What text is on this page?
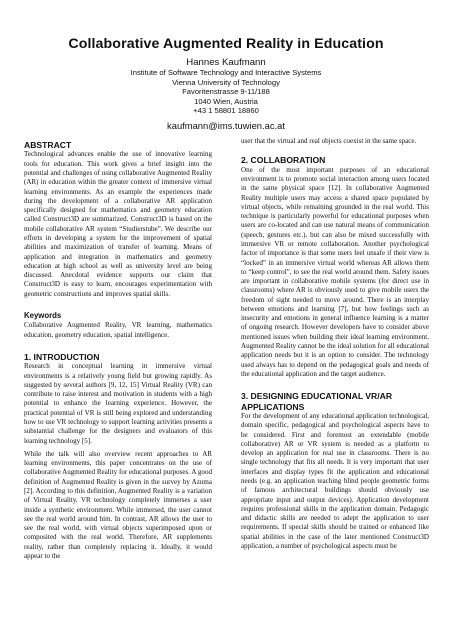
Collaborative Augmented Reality in Education
Hannes Kaufmann
Institute of Software Technology and Interactive Systems
Vienna University of Technology
Favoritenstrasse 9-11/188
1040 Wien, Austria
+43 1 58801 18860
kaufmann@ims.tuwien.ac.at
ABSTRACT

Technological advances enable the use of innovative learning tools for education. This work gives a brief insight into the potential and challenges of using collaborative Augmented Reality (AR) in education within the greater context of immersive virtual learning environments. As an example the experiences made during the development of a collaborative AR application specifically designed for mathematics and geometry education called Construct3D are summarized. Construct3D is based on the mobile collaborative AR system “Studierstube”. We describe our efforts in developing a system for the improvement of spatial abilities and maximization of transfer of learning. Means of application and integration in mathematics and geometry education at high school as well as university level are being discussed. Anecdotal evidence supports our claim that Construct3D is easy to learn, encourages experimentation with geometric constructions and improves spatial skills.

Keywords

Collaborative Augmented Reality, VR learning, mathematics education, geometry education, spatial intelligence.

1. INTRODUCTION

Research in conceptual learning in immersive virtual environments is a relatively young field but growing rapidly. As suggested by several authors [9, 12, 15] Virtual Reality (VR) can contribute to raise interest and motivation in students with a high potential to enhance the learning experience. However, the practical potential of VR is still being explored and understanding how to use VR technology to support learning activities presents a substantial challenge for the designers and evaluators of this learning technology [5].

While the talk will also overview recent approaches to AR learning environments, this paper concentrates on the use of collaborative Augmented Reality for educational purposes. A good definition of Augmented Reality is given in the survey by Azuma [2]. According to this definition, Augmented Reality is a variation of Virtual Reality. VR technology completely immerses a user inside a synthetic environment. While immersed, the user cannot see the real world around him. In contrast, AR allows the user to see the real world, with virtual objects superimposed upon or composited with the real world. Therefore, AR supplements reality, rather than completely replacing it. Ideally, it would appear to the

user that the virtual and real objects coexist in the same space.

2. COLLABORATION

One of the most important purposes of an educational environment is to promote social interaction among users located in the same physical space [12]. In collaborative Augmented Reality multiple users may access a shared space populated by virtual objects, while remaining grounded in the real world. This technique is particularly powerful for educational purposes when users are co-located and can use natural means of communication (speech, gestures etc.), but can also be mixed successfully with immersive VR or remote collaboration. Another psychological factor of importance is that some users feel unsafe if their view is “locked” in an immersive virtual world whereas AR allows them to “keep control”, to see the real world around them. Safety issues are important in collaborative mobile systems (for direct use in classrooms) where AR is obviously used to give mobile users the freedom of sight needed to move around. There is an interplay between emotions and learning [7], but how feelings such as insecurity and emotions in general influence learning is a matter of ongoing research. However developers have to consider above mentioned issues when building their ideal learning environment. Augmented Reality cannot be the ideal solution for all educational application needs but it is an option to consider. The technology used always has to depend on the pedagogical goals and needs of the educational application and the target audience.

3. DESIGNING EDUCATIONAL VR/AR APPLICATIONS

For the development of any educational application technological, domain specific, pedagogical and psychological aspects have to be considered. First and foremost an extendable (mobile collaborative) AR or VR system is needed as a platform to develop an application for real use in classrooms. There is no single technology that fits all needs. It is very important that user interfaces and display types fit the application and educational needs (e.g. an application teaching blind people geometric forms of famous architectural buildings should obviously use appropriate input and output devices). Application development requires professional skills in the application domain. Pedagogic and didactic skills are needed to adept the application to user requirements. If special skills should be trained or enhanced like spatial abilities in the case of the later mentioned Construct3D application, a number of psychological aspects must be
